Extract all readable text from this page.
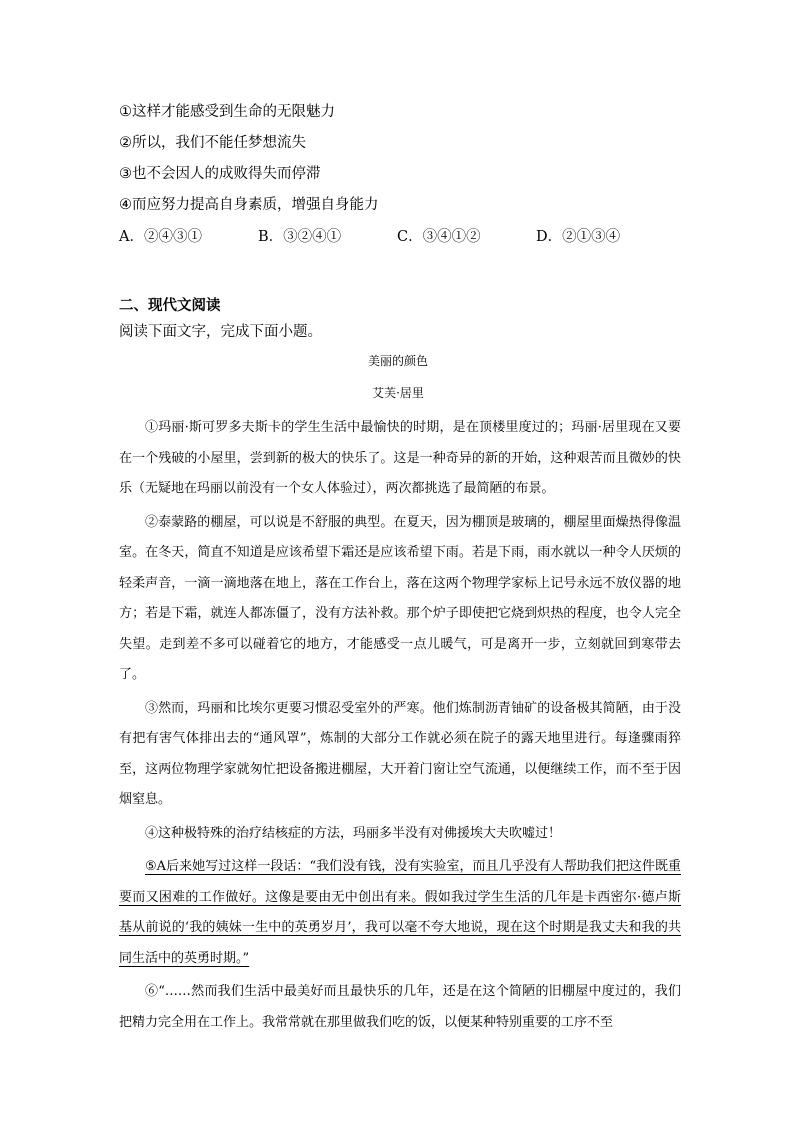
①这样才能感受到生命的无限魅力
②所以，我们不能任梦想流失
③也不会因人的成败得失而停滞
④而应努力提高自身素质，增强自身能力
A．②④③①	B．③②④①	C．③④①②	D．②①③④
二、现代文阅读
阅读下面文字，完成下面小题。
美丽的颜色
艾芙·居里

①玛丽·斯可罗多夫斯卡的学生生活中最愉快的时期，是在顶楼里度过的；玛丽·居里现在又要在一个残破的小屋里，尝到新的极大的快乐了。这是一种奇异的新的开始，这种艰苦而且微妙的快乐（无疑地在玛丽以前没有一个女人体验过），两次都挑选了最简陋的布景。

②泰蒙路的棚屋，可以说是不舒服的典型。在夏天，因为棚顶是玻璃的，棚屋里面燥热得像温室。在冬天，简直不知道是应该希望下霜还是应该希望下雨。若是下雨，雨水就以一种令人厌烦的轻柔声音，一滴一滴地落在地上，落在工作台上，落在这两个物理学家标上记号永远不放仪器的地方；若是下霜，就连人都冻僵了，没有方法补救。那个炉子即使把它烧到炽热的程度，也令人完全失望。走到差不多可以碰着它的地方，才能感受一点儿暖气，可是离开一步，立刻就回到寒带去了。

③然而，玛丽和比埃尔更要习惯忍受室外的严寒。他们炼制沥青铀矿的设备极其简陋，由于没有把有害气体排出去的“通风罩”，炼制的大部分工作就必须在院子的露天地里进行。每逢骤雨猝至，这两位物理学家就匆忙把设备搬进棚屋，大开着门窗让空气流通，以便继续工作，而不至于因烟窒息。

④这种极特殊的治疗结核症的方法，玛丽多半没有对佛援埃大夫吹嘘过！

⑤A后来她写过这样一段话：“我们没有钱，没有实验室，而且几乎没有人帮助我们把这件既重要而又困难的工作做好。这像是要由无中创出有来。假如我过学生生活的几年是卡西密尔·德卢斯基从前说的‘我的姨妹一生中的英勇岁月’，我可以毫不夸大地说，现在这个时期是我丈夫和我的共同生活中的英勇时期。”

⑥“……然而我们生活中最美好而且最快乐的几年，还是在这个简陋的旧棚屋中度过的，我们把精力完全用在工作上。我常常就在那里做我们吃的饭，以便某种特别重要的工序不至
